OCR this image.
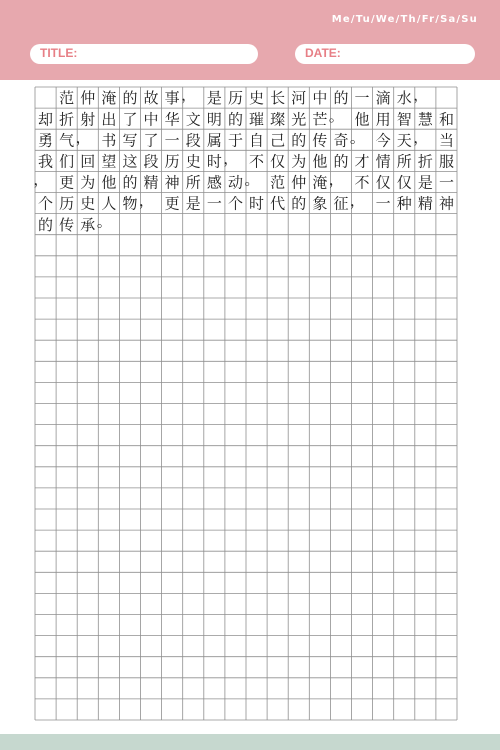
Me/Tu/We/Th/Fr/Sa/Su
TITLE:	DATE:
范 仲 淹 的 故 事 ， 是 历 史 长 河 中 的 一 滴 水 ，
却 折 射 出 了 中 华 文 明 的 璀 璨 光 芒 。 他 用 智 慧 和
勇 气 ， 书 写 了 一 段 属 于 自 己 的 传 奇 。 今 天 ， 当
我 们 回 望 这 段 历 史 时 ， 不 仅 为 他 的 才 情 所 折 服
， 更 为 他 的 精 神 所 感 动 。 范 仲 淹 ， 不 仅 仅 是 一
个 历 史 人 物 ， 更 是 一 个 时 代 的 象 征 ， 一 种 精 神
的 传 承 。
